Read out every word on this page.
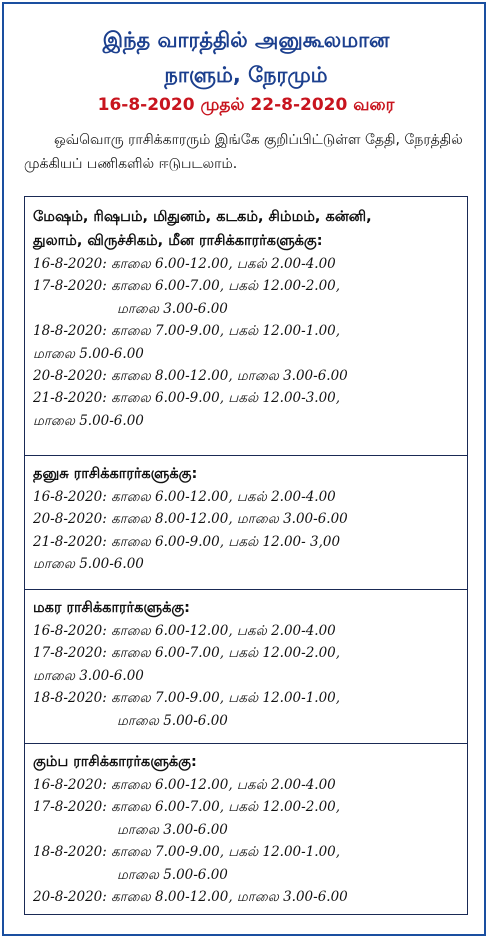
இந்த வாரத்தில் அனுகூலமான
நாளும், நேரமும்
16-8-2020 முதல் 22-8-2020 வரை
ஒவ்வொரு ராசிக்காரரும் இங்கே குறிப்பிட்டுள்ள தேதி, நேரத்தில் முக்கியப் பணிகளில் ஈடுபடலாம்.
மேஷம், ரிஷபம், மிதுனம், கடகம், சிம்மம், கன்னி,
துலாம், விருச்சிகம், மீன ராசிக்காரர்களுக்கு:
16-8-2020: காலை 6.00-12.00, பகல் 2.00-4.00
17-8-2020: காலை 6.00-7.00, பகல் 12.00-2.00,
மாலை 3.00-6.00
18-8-2020: காலை 7.00-9.00, பகல் 12.00-1.00,
மாலை 5.00-6.00
20-8-2020: காலை 8.00-12.00, மாலை 3.00-6.00
21-8-2020: காலை 6.00-9.00, பகல் 12.00-3.00,
மாலை 5.00-6.00
தனுசு ராசிக்காரர்களுக்கு:
16-8-2020: காலை 6.00-12.00, பகல் 2.00-4.00
20-8-2020: காலை 8.00-12.00, மாலை 3.00-6.00
21-8-2020: காலை 6.00-9.00, பகல் 12.00- 3,00
மாலை 5.00-6.00
மகர ராசிக்காரர்களுக்கு:
16-8-2020: காலை 6.00-12.00, பகல் 2.00-4.00
17-8-2020: காலை 6.00-7.00, பகல் 12.00-2.00,
மாலை 3.00-6.00
18-8-2020: காலை 7.00-9.00, பகல் 12.00-1.00,
மாலை 5.00-6.00
கும்ப ராசிக்காரர்களுக்கு:
16-8-2020: காலை 6.00-12.00, பகல் 2.00-4.00
17-8-2020: காலை 6.00-7.00, பகல் 12.00-2.00,
மாலை 3.00-6.00
18-8-2020: காலை 7.00-9.00, பகல் 12.00-1.00,
மாலை 5.00-6.00
20-8-2020: காலை 8.00-12.00, மாலை 3.00-6.00
